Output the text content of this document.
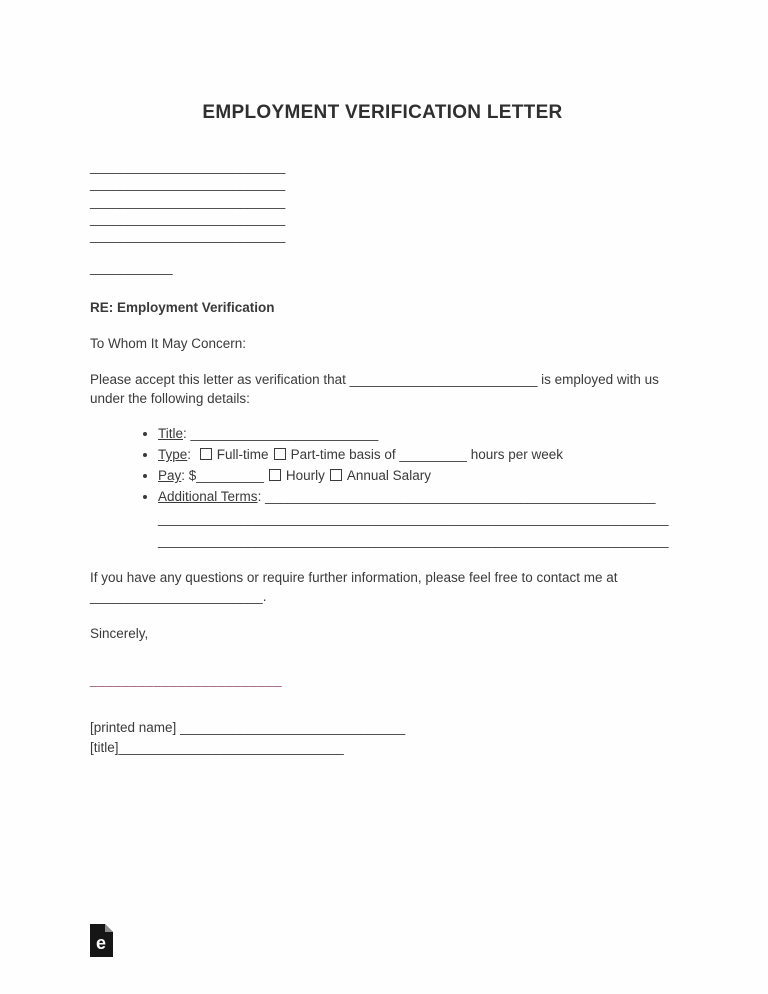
EMPLOYMENT VERIFICATION LETTER
__________________________
__________________________
__________________________
__________________________
__________________________
___________
RE: Employment Verification
To Whom It May Concern:
Please accept this letter as verification that _________________________ is employed with us under the following details:
• Title: _________________________
• Type: Full-time Part-time basis of _________ hours per week
• Pay: $_________ Hourly Annual Salary
• Additional Terms: ____________________________________________________
____________________________________________________________________
____________________________________________________________________
If you have any questions or require further information, please feel free to contact me at _______________________.
Sincerely,
________________________
[printed name] ______________________________
[title]______________________________
e
